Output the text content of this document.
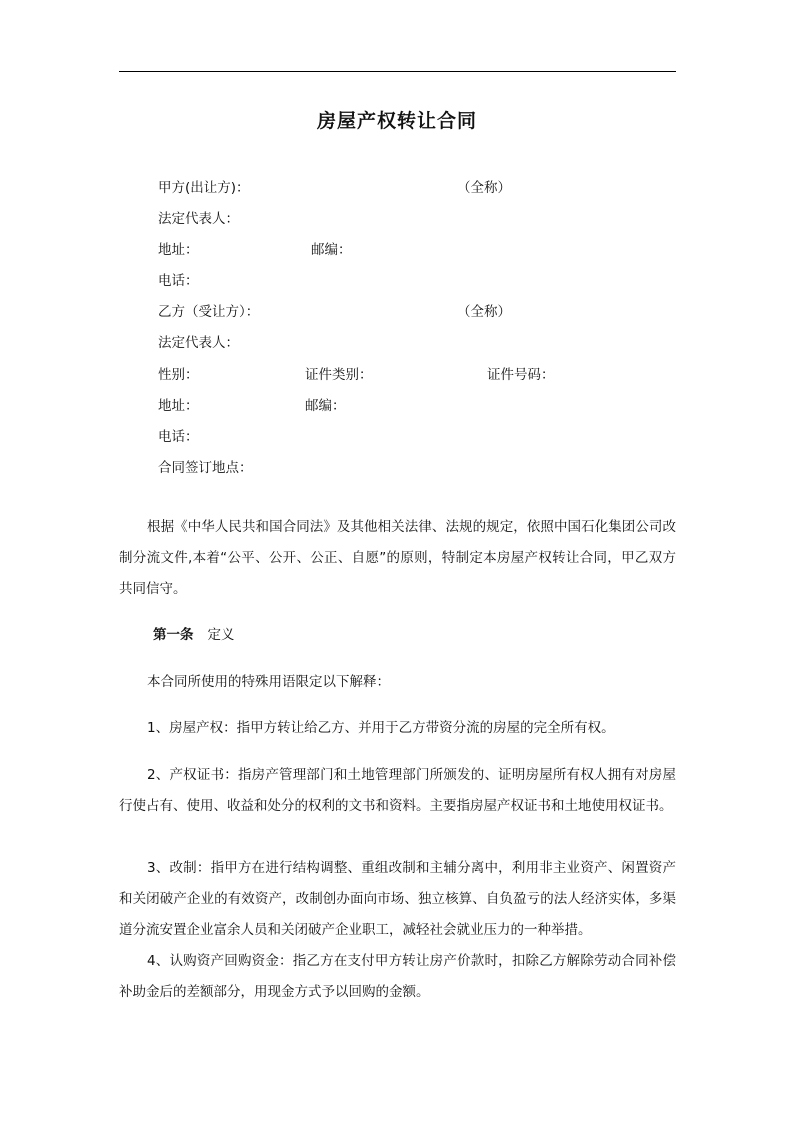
房屋产权转让合同
甲方(出让方)：	（全称）
法定代表人：
地址：	邮编：
电话：
乙方（受让方）：	（全称）
法定代表人：
性别：	证件类别：	证件号码：
地址：	邮编：
电话：
合同签订地点：
根据《中华人民共和国合同法》及其他相关法律、法规的规定，依照中国石化集团公司改制分流文件,本着“公平、公开、公正、自愿”的原则，特制定本房屋产权转让合同，甲乙双方共同信守。
第一条 定义
本合同所使用的特殊用语限定以下解释：
1、房屋产权：指甲方转让给乙方、并用于乙方带资分流的房屋的完全所有权。
2、产权证书：指房产管理部门和土地管理部门所颁发的、证明房屋所有权人拥有对房屋行使占有、使用、收益和处分的权利的文书和资料。主要指房屋产权证书和土地使用权证书。
3、改制：指甲方在进行结构调整、重组改制和主辅分离中，利用非主业资产、闲置资产和关闭破产企业的有效资产，改制创办面向市场、独立核算、自负盈亏的法人经济实体，多渠道分流安置企业富余人员和关闭破产企业职工，减轻社会就业压力的一种举措。
4、认购资产回购资金：指乙方在支付甲方转让房产价款时，扣除乙方解除劳动合同补偿补助金后的差额部分，用现金方式予以回购的金额。
